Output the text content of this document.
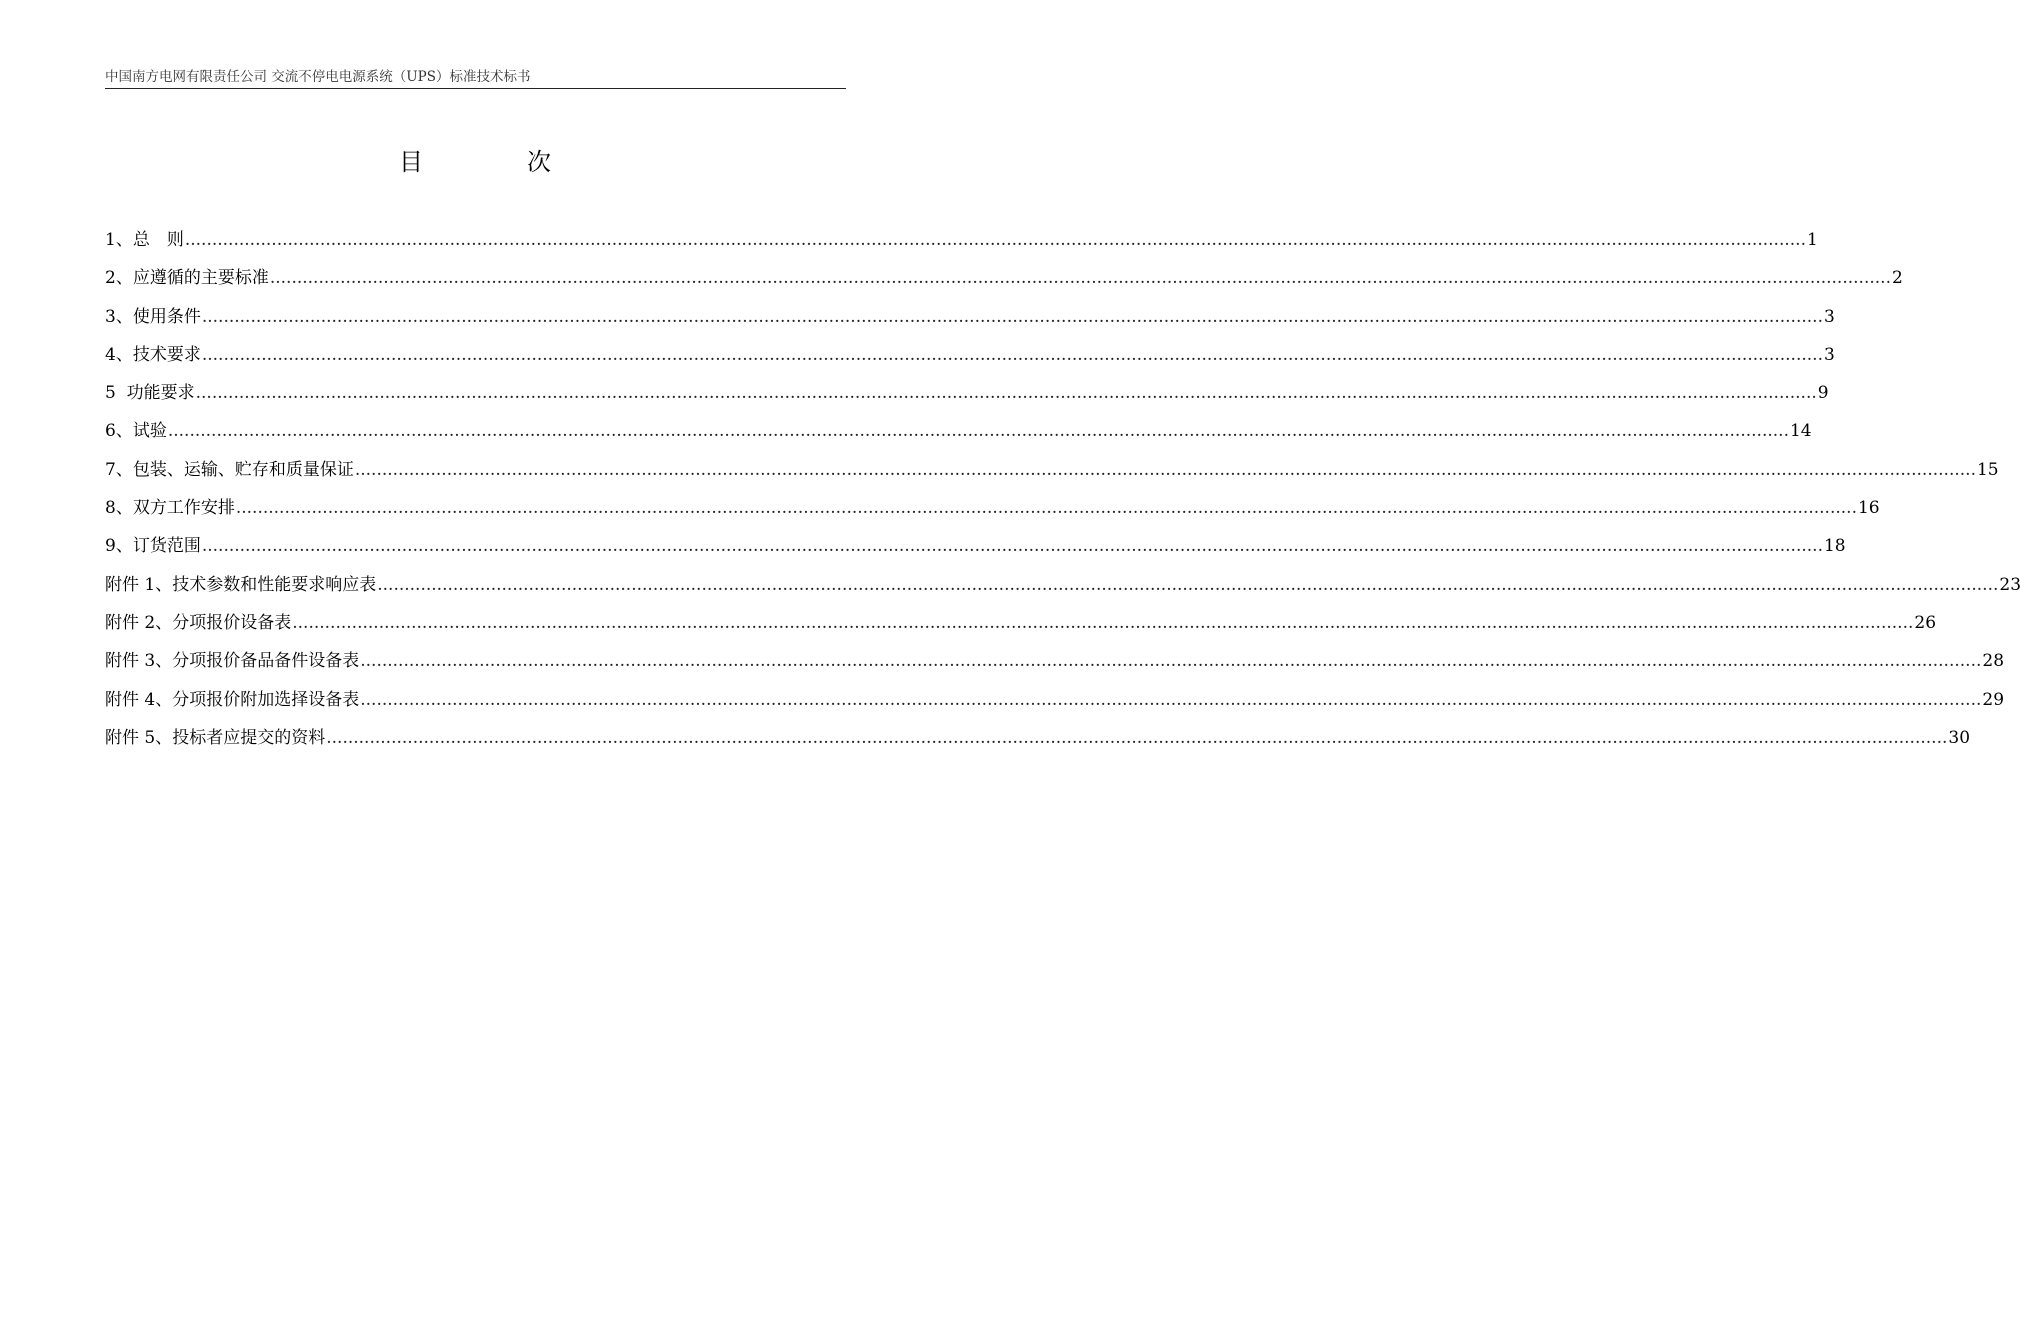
中国南方电网有限责任公司 交流不停电电源系统（UPS）标准技术标书
目　次
1、总　则 ............................................................................................................................................................................................................................................................................................................ 1
2、应遵循的主要标准 ............................................................................................................................................................................................................................................................................................................ 2
3、使用条件 ............................................................................................................................................................................................................................................................................................................ 3
4、技术要求 ............................................................................................................................................................................................................................................................................................................ 3
5  功能要求 ............................................................................................................................................................................................................................................................................................................ 9
6、试验 ............................................................................................................................................................................................................................................................................................................ 14
7、包装、运输、贮存和质量保证 ............................................................................................................................................................................................................................................................................................................ 15
8、双方工作安排 ............................................................................................................................................................................................................................................................................................................ 16
9、订货范围 ............................................................................................................................................................................................................................................................................................................ 18
附件 1、技术参数和性能要求响应表 ............................................................................................................................................................................................................................................................................................................ 23
附件 2、分项报价设备表 ............................................................................................................................................................................................................................................................................................................ 26
附件 3、分项报价备品备件设备表 ............................................................................................................................................................................................................................................................................................................ 28
附件 4、分项报价附加选择设备表 ............................................................................................................................................................................................................................................................................................................ 29
附件 5、投标者应提交的资料 ............................................................................................................................................................................................................................................................................................................ 30
